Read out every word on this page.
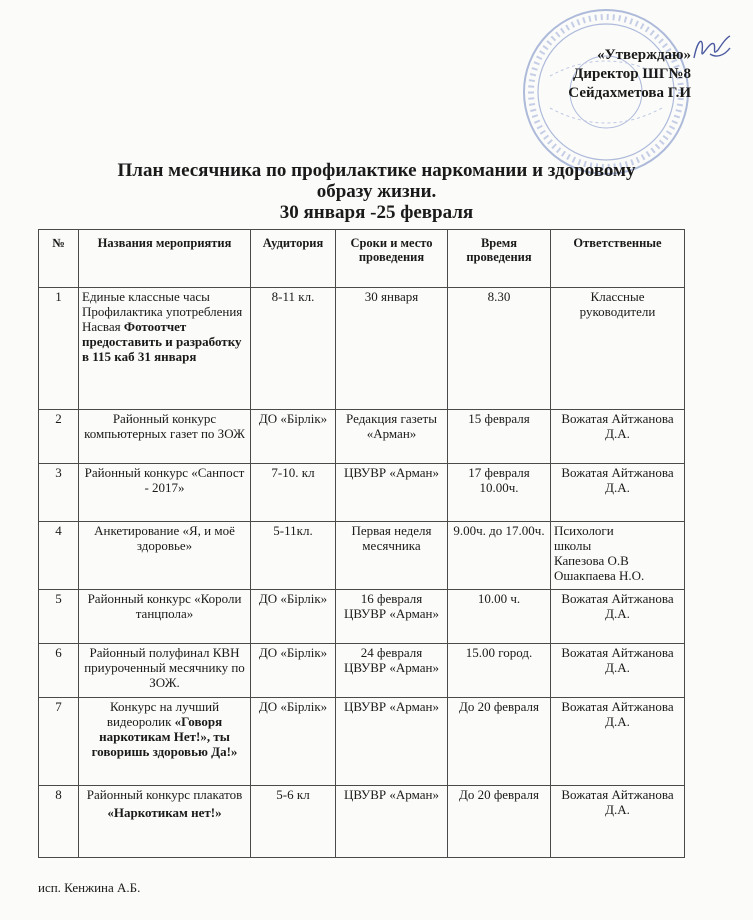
«Утверждаю»
Директор ШГ№8
Сейдахметова Г.И
План месячника по профилактике наркомании и здоровому
образу жизни.
30 января -25 февраля
№	Названия мероприятия	Аудитория	Сроки и место проведения	Время проведения	Ответственные
1	Единые классные часы Профилактика употребления Насвая Фотоотчет предоставить и разработку в 115 каб 31 января	8-11 кл.	30 января	8.30	Классные руководители
2	Районный конкурс компьютерных газет по ЗОЖ	ДО «Бірлік»	Редакция газеты «Арман»	15 февраля	Вожатая Айтжанова Д.А.
3	Районный конкурс «Санпост - 2017»	7-10. кл	ЦВУВР «Арман»	17 февраля 10.00ч.	Вожатая Айтжанова Д.А.
4	Анкетирование «Я, и моё здоровье»	5-11кл.	Первая неделя месячника	9.00ч. до 17.00ч.	Психологи
школы
Капезова О.В
Ошакпаева Н.О.

5	Районный конкурс «Короли танцпола»	ДО «Бірлік»	16 февраля ЦВУВР «Арман»	10.00 ч.	Вожатая Айтжанова Д.А.
6	Районный полуфинал КВН приуроченный месячнику по ЗОЖ.	ДО «Бірлік»	24 февраля ЦВУВР «Арман»	15.00 город.	Вожатая Айтжанова Д.А.
7	Конкурс на лучший видеоролик «Говоря наркотикам Нет!», ты говоришь здоровью Да!»	ДО «Бірлік»	ЦВУВР «Арман»	До 20 февраля	Вожатая Айтжанова Д.А.
8	Районный конкурс плакатов
«Наркотикам нет!»	5-6 кл	ЦВУВР «Арман»	До 20 февраля	Вожатая Айтжанова Д.А.
исп. Кенжина А.Б.
